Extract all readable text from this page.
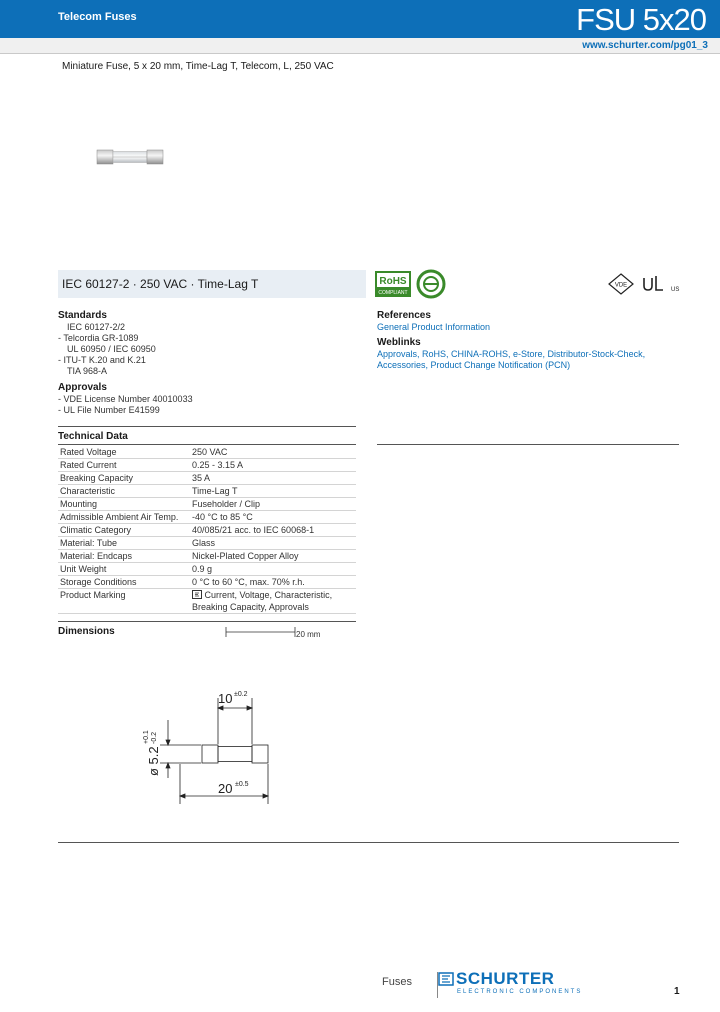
Telecom Fuses	FSU 5x20
www.schurter.com/pg01_3
Miniature Fuse, 5 x 20 mm, Time-Lag T, Telecom, L, 250 VAC
IEC 60127-2 · 250 VAC · Time-Lag T	RoHS
COMPLIANT
VDE
US
Standards
IEC 60127-2/2
- Telcordia GR-1089
UL 60950 / IEC 60950
- ITU-T K.20 and K.21
TIA 968-A
Approvals
- VDE License Number 40010033
- UL File Number E41599
References
General Product Information
Weblinks
Approvals, RoHS, CHINA-ROHS, e-Store, Distributor-Stock-Check,
Accessories, Product Change Notification (PCN)
Technical Data
Rated Voltage	250 VAC
Rated Current	0.25 - 3.15 A
Breaking Capacity	35 A
Characteristic	Time-Lag T
Mounting	Fuseholder / Clip
Admissible Ambient Air Temp.	-40 °C to 85 °C
Climatic Category	40/085/21 acc. to IEC 60068-1
Material: Tube	Glass
Material: Endcaps	Nickel-Plated Copper Alloy
Unit Weight	0.9 g
Storage Conditions	0 °C to 60 °C, max. 70% r.h.
Product Marking	Current, Voltage, Characteristic,
Breaking Capacity, Approvals
Dimensions	20 mm
10 ±0.2
20 ±0.5
ø 5.2
+0.1 -0.2
Fuses	SCHURTER
ELECTRONIC COMPONENTS	1
